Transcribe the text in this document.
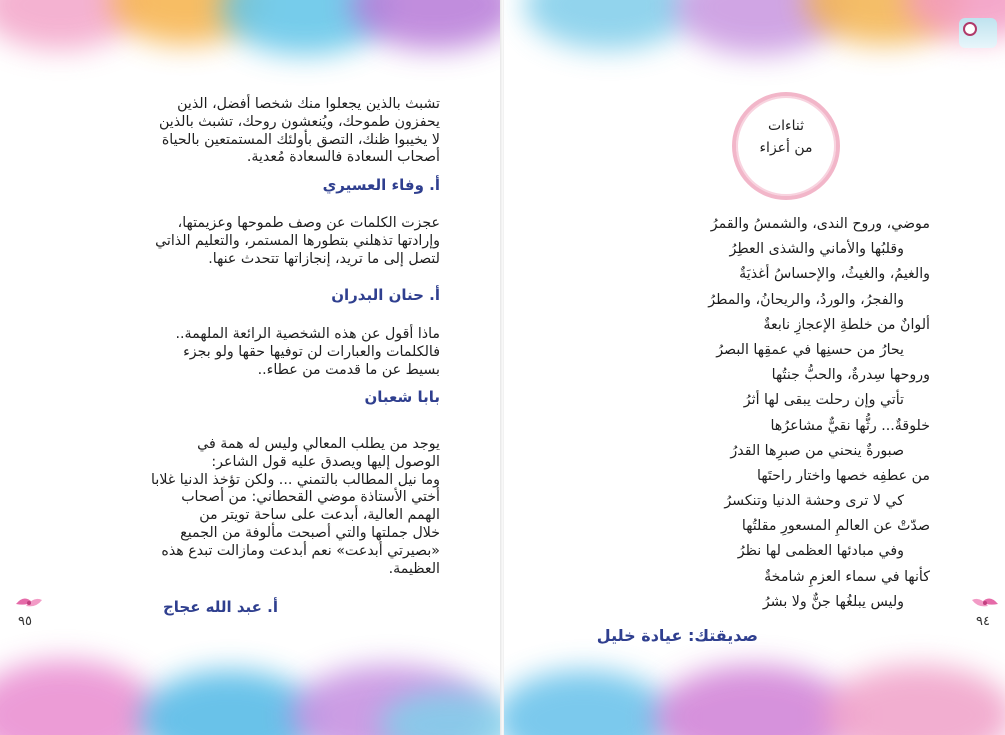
تشبث بالذين يجعلوا منك شخصا أفضل، الذين
يحفزون طموحك، ويُنعشون روحك، تشبث بالذين
لا يخيبوا ظنك، التصق بأولئك المستمتعين بالحياة
أصحاب السعادة فالسعادة مُعدية.
أ. وفاء العسيري
عجزت الكلمات عن وصف طموحها وعزيمتها،
وإرادتها تذهلني بتطورها المستمر، والتعليم الذاتي
لتصل إلى ما تريد، إنجازاتها تتحدث عنها.
أ. حنان البدران
ماذا أقول عن هذه الشخصية الرائعة الملهمة..
فالكلمات والعبارات لن توفيها حقها ولو بجزء
بسيط عن ما قدمت من عطاء..
بابا شعبان
يوجد من يطلب المعالي وليس له همة في
الوصول إليها ويصدق عليه قول الشاعر:
وما نيل المطالب بالتمني ... ولكن تؤخذ الدنيا غلابا
أختي الأستاذة موضي القحطاني: من أصحاب
الهمم العالية، أبدعت على ساحة تويتر من
خلال جملتها والتي أصبحت مألوفة من الجميع
«بصيرتي أبدعت» نعم أبدعت ومازالت تبدع هذه
العظيمة.
أ. عبد الله عجاج
٩٥
ثناءات
من أعزاء
موضي، وروح الندى، والشمسُ والقمرُ
وقلبُها والأماني والشذى العطِرُ
والغيمُ، والغيثُ، والإحساسُ أغذيَةٌ
والفجرُ، والوردُ، والريحانُ، والمطرُ
ألوانٌ من خلطةِ الإعجازِ نابعةٌ
يحارُ من حسنِها في عمقِها البصرُ
وروحها سِدرةٌ، والحبُّ جنتُها
تأتي وإن رحلت يبقى لها أثرُ
خلوقةٌ... رثُّها نقيٌّ مشاعرُها
صبورةٌ ينحني من صبرِها القدرُ
من عطفِه خصها واختار راحتَها
كي لا ترى وحشة الدنيا وتنكسرُ
صدّتْ عن العالمِ المسعورِ مقلتُها
وفي مبادئها العظمى لها نظرُ
كأنها في سماء العزمِ شامخةٌ
وليس يبلغُها جنٌّ ولا بشرُ
صديقتك: عيادة خليل
٩٤
